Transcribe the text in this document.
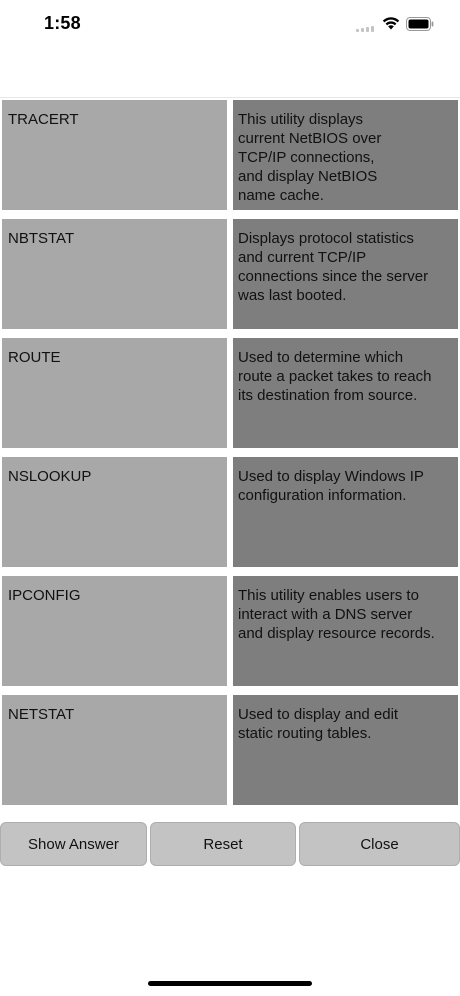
1:58
TRACERT	This utility displays
current NetBIOS over
TCP/IP connections,
and display NetBIOS
name cache.
NBTSTAT	Displays protocol statistics
and current TCP/IP
connections since the server
was last booted.
ROUTE	Used to determine which
route a packet takes to reach
its destination from source.
NSLOOKUP	Used to display Windows IP
configuration information.
IPCONFIG	This utility enables users to
interact with a DNS server
and display resource records.
NETSTAT	Used to display and edit
static routing tables.
Show Answer	Reset	Close
